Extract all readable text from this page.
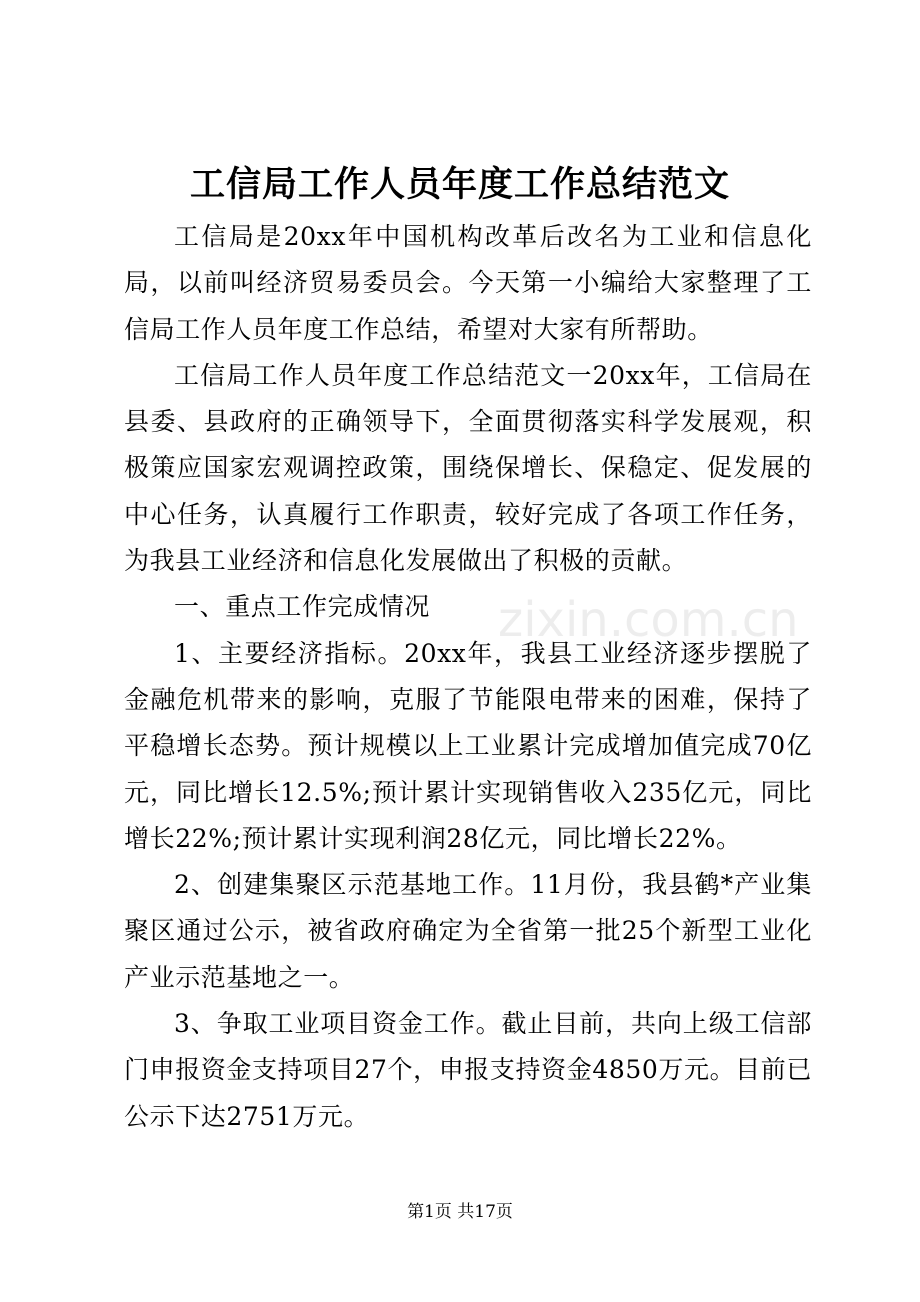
工信局工作人员年度工作总结范文
zixin.com.cn

工信局是20xx年中国机构改革后改名为工业和信息化局，以前叫经济贸易委员会。今天第一小编给大家整理了工信局工作人员年度工作总结，希望对大家有所帮助。

工信局工作人员年度工作总结范文一20xx年，工信局在县委、县政府的正确领导下，全面贯彻落实科学发展观，积极策应国家宏观调控政策，围绕保增长、保稳定、促发展的中心任务，认真履行工作职责，较好完成了各项工作任务，为我县工业经济和信息化发展做出了积极的贡献。

一、重点工作完成情况

1、主要经济指标。20xx年，我县工业经济逐步摆脱了金融危机带来的影响，克服了节能限电带来的困难，保持了平稳增长态势。预计规模以上工业累计完成增加值完成70亿元，同比增长12.5%;预计累计实现销售收入235亿元，同比增长22%;预计累计实现利润28亿元，同比增长22%。

2、创建集聚区示范基地工作。11月份，我县鹤*产业集聚区通过公示，被省政府确定为全省第一批25个新型工业化产业示范基地之一。

3、争取工业项目资金工作。截止目前，共向上级工信部门申报资金支持项目27个，申报支持资金4850万元。目前已公示下达2751万元。

第1页 共17页
